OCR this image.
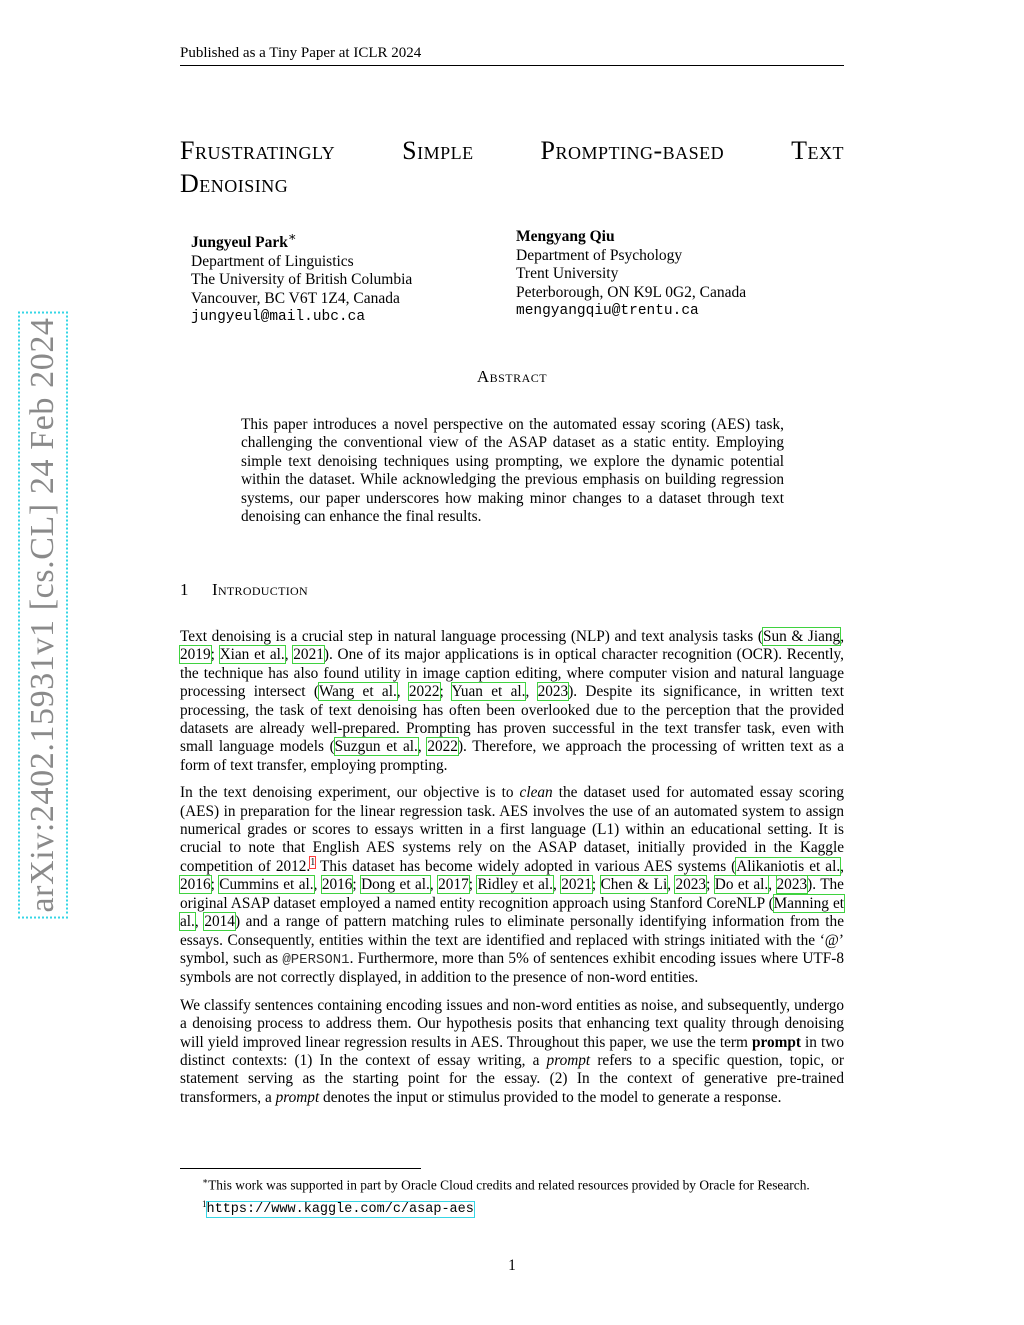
Published as a Tiny Paper at ICLR 2024
arXiv:2402.15931v1 [cs.CL] 24 Feb 2024
Frustratingly	Simple	Prompting-based	Text
Denoising
Jungyeul Park∗
Department of Linguistics
The University of British Columbia
Vancouver, BC V6T 1Z4, Canada
jungyeul@mail.ubc.ca
Mengyang Qiu
Department of Psychology
Trent University
Peterborough, ON K9L 0G2, Canada
mengyangqiu@trentu.ca
Abstract
This paper introduces a novel perspective on the automated essay scoring (AES) task, challenging the conventional view of the ASAP dataset as a static entity. Employing simple text denoising techniques using prompting, we explore the dynamic potential within the dataset. While acknowledging the previous emphasis on building regression systems, our paper underscores how making minor changes to a dataset through text denoising can enhance the final results.
1 Introduction

Text denoising is a crucial step in natural language processing (NLP) and text analysis tasks (Sun & Jiang, 2019; Xian et al., 2021). One of its major applications is in optical character recognition (OCR). Recently, the technique has also found utility in image caption editing, where computer vision and natural language processing intersect (Wang et al., 2022; Yuan et al., 2023). Despite its significance, in written text processing, the task of text denoising has often been overlooked due to the perception that the provided datasets are already well-prepared. Prompting has proven successful in the text transfer task, even with small language models (Suzgun et al., 2022). Therefore, we approach the processing of written text as a form of text transfer, employing prompting.

In the text denoising experiment, our objective is to clean the dataset used for automated essay scoring (AES) in preparation for the linear regression task. AES involves the use of an automated system to assign numerical grades or scores to essays written in a first language (L1) within an educational setting. It is crucial to note that English AES systems rely on the ASAP dataset, initially provided in the Kaggle competition of 2012.$^1$ This dataset has become widely adopted in various AES systems (Alikaniotis et al., 2016; Cummins et al., 2016; Dong et al., 2017; Ridley et al., 2021; Chen & Li, 2023; Do et al., 2023). The original ASAP dataset employed a named entity recognition approach using Stanford CoreNLP (Manning et al., 2014) and a range of pattern matching rules to eliminate personally identifying information from the essays. Consequently, entities within the text are identified and replaced with strings initiated with the ‘@’ symbol, such as @PERSON1. Furthermore, more than 5% of sentences exhibit encoding issues where UTF-8 symbols are not correctly displayed, in addition to the presence of non-word entities.

We classify sentences containing encoding issues and non-word entities as noise, and subsequently, undergo a denoising process to address them. Our hypothesis posits that enhancing text quality through denoising will yield improved linear regression results in AES. Throughout this paper, we use the term prompt in two distinct contexts: (1) In the context of essay writing, a prompt refers to a specific question, topic, or statement serving as the starting point for the essay. (2) In the context of generative pre-trained transformers, a prompt denotes the input or stimulus provided to the model to generate a response.

∗This work was supported in part by Oracle Cloud credits and related resources provided by Oracle for Research.
$^1$https://www.kaggle.com/c/asap-aes
1
